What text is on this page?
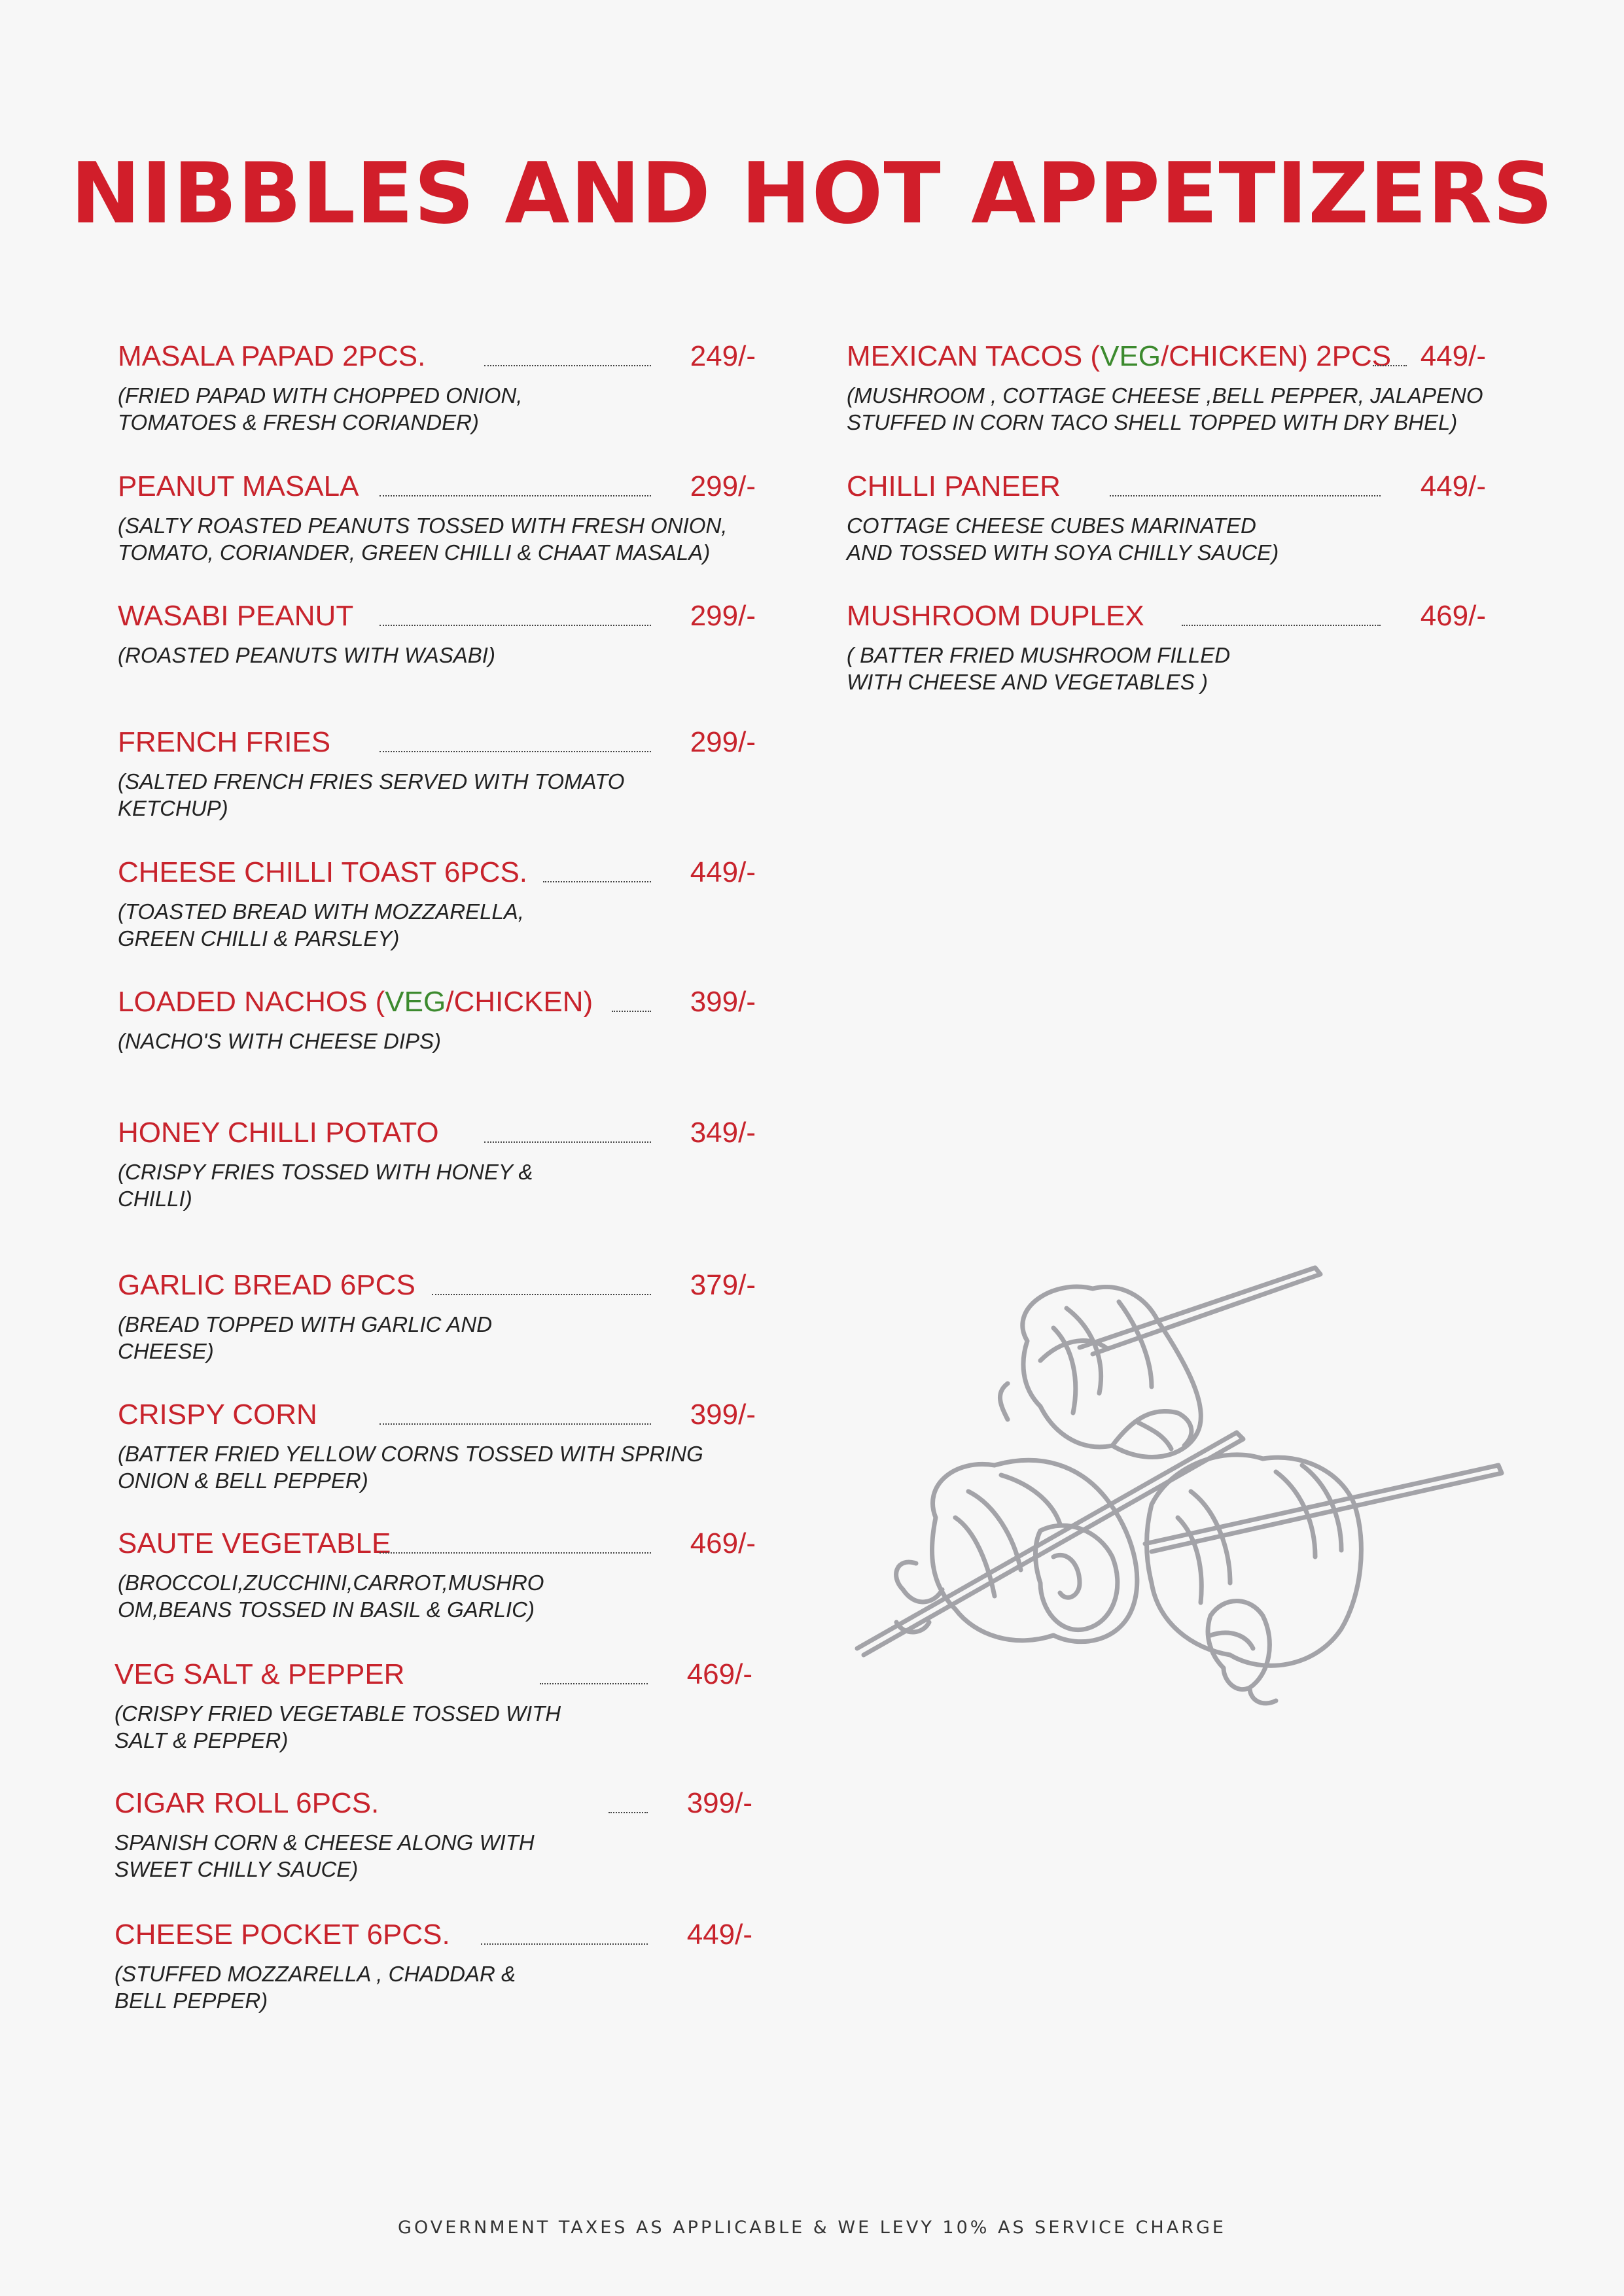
NIBBLES AND HOT APPETIZERS
MASALA PAPAD 2PCS.	249/-
(FRIED PAPAD WITH CHOPPED ONION,
TOMATOES & FRESH CORIANDER)
PEANUT MASALA	299/-
(SALTY ROASTED PEANUTS TOSSED WITH FRESH ONION,
TOMATO, CORIANDER, GREEN CHILLI & CHAAT MASALA)
WASABI PEANUT	299/-
(ROASTED PEANUTS WITH WASABI)
FRENCH FRIES	299/-
(SALTED FRENCH FRIES SERVED WITH TOMATO
KETCHUP)
CHEESE CHILLI TOAST 6PCS.	449/-
(TOASTED BREAD WITH MOZZARELLA,
GREEN CHILLI & PARSLEY)
LOADED NACHOS (VEG/CHICKEN)	399/-
(NACHO'S WITH CHEESE DIPS)
HONEY CHILLI POTATO	349/-
(CRISPY FRIES TOSSED WITH HONEY &
CHILLI)
GARLIC BREAD 6PCS	379/-
(BREAD TOPPED WITH GARLIC AND
CHEESE)
CRISPY CORN	399/-
(BATTER FRIED YELLOW CORNS TOSSED WITH SPRING
ONION & BELL PEPPER)
SAUTE VEGETABLE	469/-
(BROCCOLI,ZUCCHINI,CARROT,MUSHRO
OM,BEANS TOSSED IN BASIL & GARLIC)
VEG SALT & PEPPER	469/-
(CRISPY FRIED VEGETABLE TOSSED WITH
SALT & PEPPER)
CIGAR ROLL 6PCS.	399/-
SPANISH CORN & CHEESE ALONG WITH
SWEET CHILLY SAUCE)
CHEESE POCKET 6PCS.	449/-
(STUFFED MOZZARELLA , CHADDAR &
BELL PEPPER)
MEXICAN TACOS (VEG/CHICKEN) 2PCS 449/-
(MUSHROOM , COTTAGE CHEESE ,BELL PEPPER, JALAPENO
STUFFED IN CORN TACO SHELL TOPPED WITH DRY BHEL)
CHILLI PANEER	449/-
COTTAGE CHEESE CUBES MARINATED
AND TOSSED WITH SOYA CHILLY SAUCE)
MUSHROOM DUPLEX	469/-
( BATTER FRIED MUSHROOM FILLED
WITH CHEESE AND VEGETABLES )
GOVERNMENT TAXES AS APPLICABLE & WE LEVY 10% AS SERVICE CHARGE
